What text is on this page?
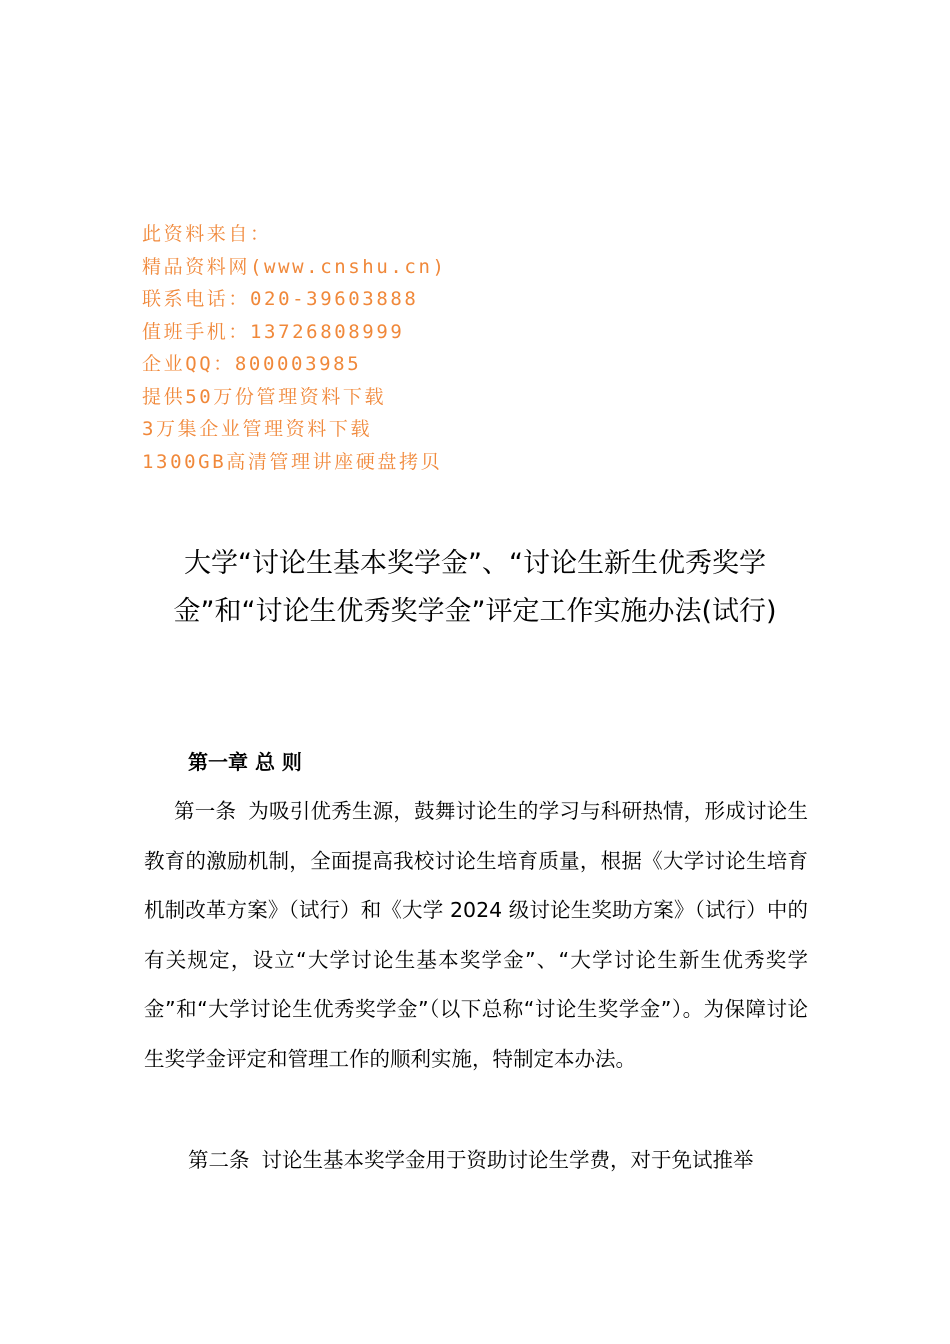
此资料来自：
精品资料网(www.cnshu.cn)
联系电话：020-39603888
值班手机：13726808999
企业QQ：800003985
提供50万份管理资料下载
3万集企业管理资料下载
1300GB高清管理讲座硬盘拷贝
大学“讨论生基本奖学金”、“讨论生新生优秀奖学金”和“讨论生优秀奖学金”评定工作实施办法(试行)
第一章 总 则
第一条 为吸引优秀生源，鼓舞讨论生的学习与科研热情，形成讨论生教育的激励机制，全面提高我校讨论生培育质量，根据《大学讨论生培育机制改革方案》（试行）和《大学 2024 级讨论生奖助方案》（试行）中的有关规定，设立“大学讨论生基本奖学金”、“大学讨论生新生优秀奖学金”和“大学讨论生优秀奖学金”（以下总称“讨论生奖学金”）。为保障讨论生奖学金评定和管理工作的顺利实施，特制定本办法。
第二条 讨论生基本奖学金用于资助讨论生学费，对于免试推举
